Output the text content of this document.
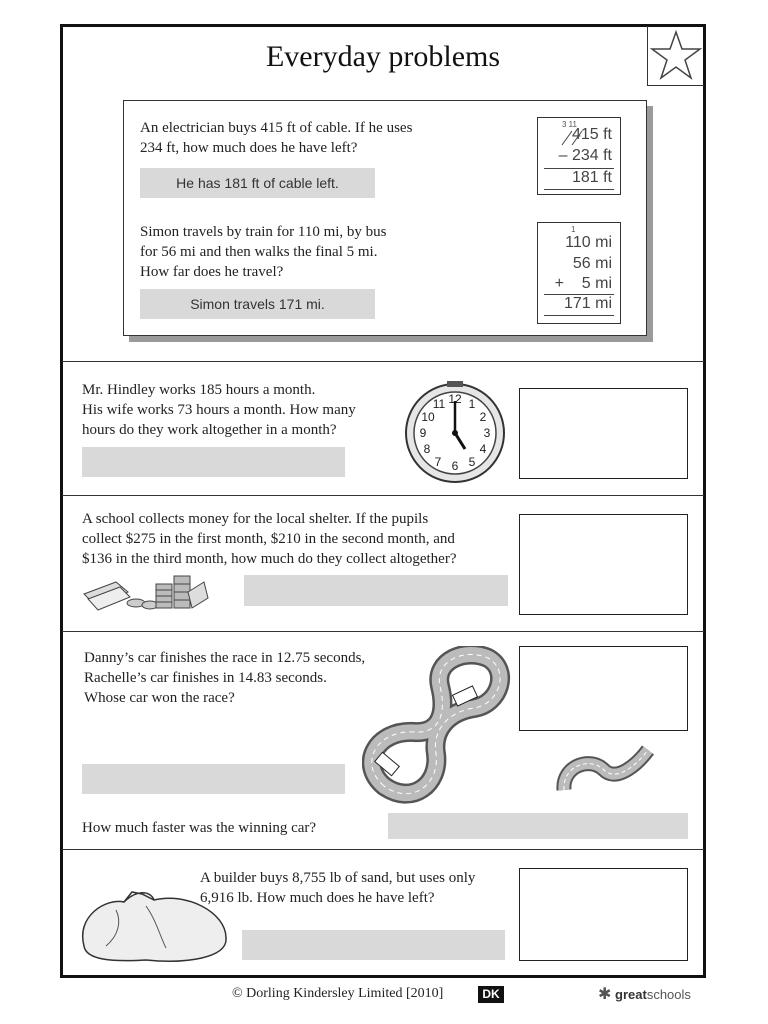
Everyday problems
An electrician buys 415 ft of cable. If he uses
234 ft, how much does he have left?
He has 181 ft of cable left.
3 11
415 ft
– 234 ft
181 ft
Simon travels by train for 110 mi, by bus
for 56 mi and then walks the final 5 mi.
How far does he travel?
Simon travels 171 mi.
1
110 mi
56 mi
+    5 mi
171 mi
Mr. Hindley works 185 hours a month.
His wife works 73 hours a month. How many
hours do they work altogether in a month?
12 1
2
3
4
5
6
7
8
9
10
11
A school collects money for the local shelter. If the pupils
collect $275 in the first month, $210 in the second month, and
$136 in the third month, how much do they collect altogether?
Danny’s car finishes the race in 12.75 seconds,
Rachelle’s car finishes in 14.83 seconds.
Whose car won the race?
How much faster was the winning car?
A builder buys 8,755 lb of sand, but uses only
6,916 lb. How much does he have left?
© Dorling Kindersley Limited [2010]	DK	✱ greatschools
